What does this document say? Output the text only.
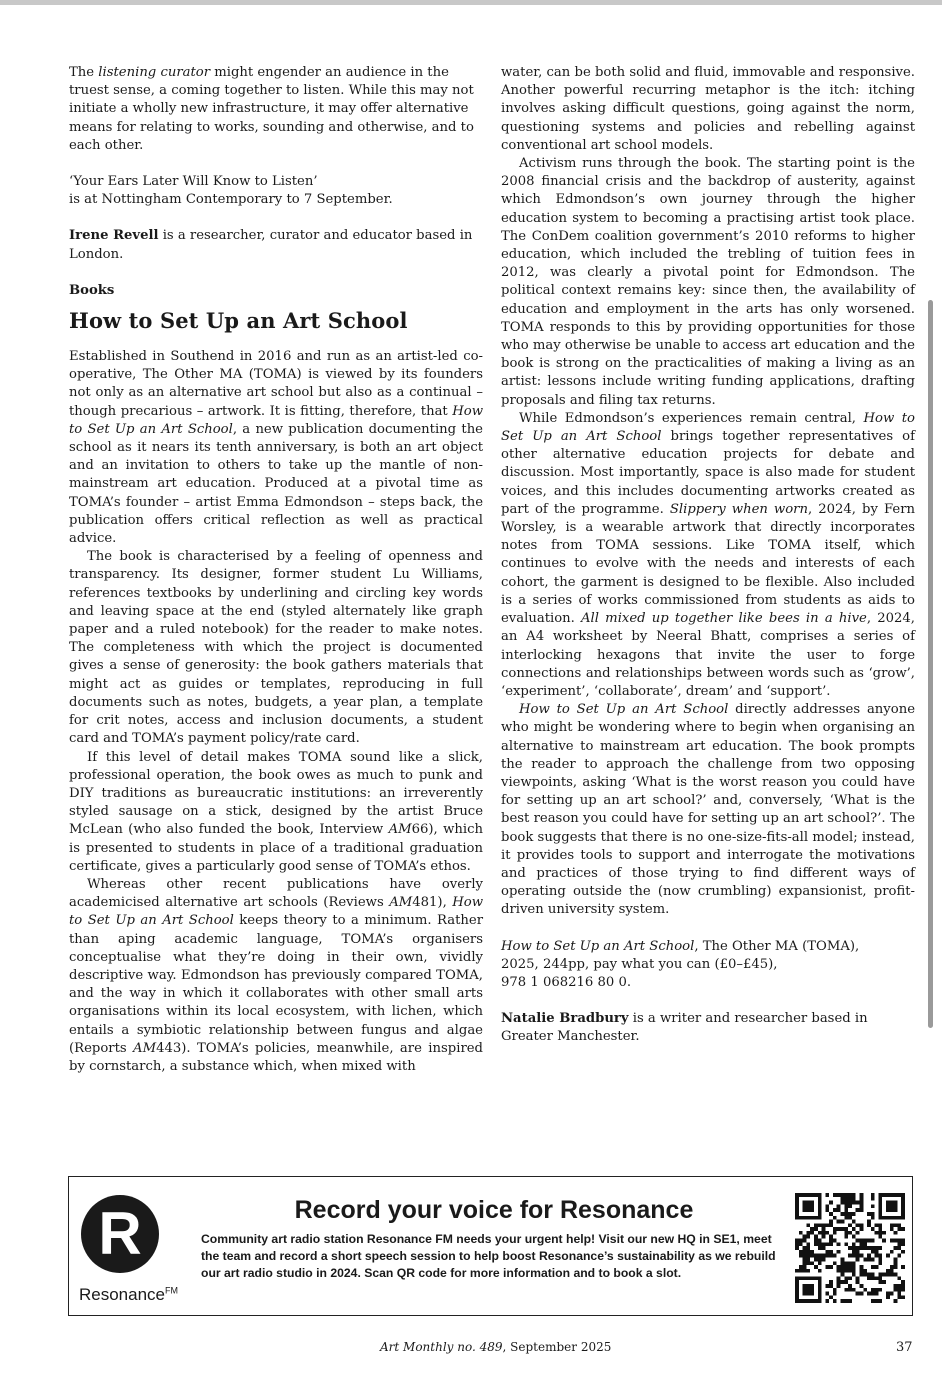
The listening curator might engender an audience in the truest sense, a coming together to listen. While this may not initiate a wholly new infrastructure, it may offer alternative means for relating to works, sounding and otherwise, and to each other.

‘Your Ears Later Will Know to Listen’
is at Nottingham Contemporary to 7 September.

Irene Revell is a researcher, curator and educator based in London.

Books
How to Set Up an Art School

Established in Southend in 2016 and run as an artist-led co-operative, The Other MA (TOMA) is viewed by its founders not only as an alternative art school but also as a continual – though precarious – artwork. It is fitting, therefore, that How to Set Up an Art School, a new publication documenting the school as it nears its tenth anniversary, is both an art object and an invitation to others to take up the mantle of non-mainstream art education. Produced at a pivotal time as TOMA’s founder – artist Emma Edmondson – steps back, the publication offers critical reflection as well as practical advice.

The book is characterised by a feeling of openness and transparency. Its designer, former student Lu Williams, references textbooks by underlining and circling key words and leaving space at the end (styled alternately like graph paper and a ruled notebook) for the reader to make notes. The completeness with which the project is documented gives a sense of generosity: the book gathers materials that might act as guides or templates, reproducing in full documents such as notes, budgets, a year plan, a template for crit notes, access and inclusion documents, a student card and TOMA’s payment policy/rate card.

If this level of detail makes TOMA sound like a slick, professional operation, the book owes as much to punk and DIY traditions as bureaucratic institutions: an irreverently styled sausage on a stick, designed by the artist Bruce McLean (who also funded the book, Interview AM66), which is presented to students in place of a traditional graduation certificate, gives a particularly good sense of TOMA’s ethos.

Whereas other recent publications have overly academicised alternative art schools (Reviews AM481), How to Set Up an Art School keeps theory to a minimum. Rather than aping academic language, TOMA’s organisers conceptualise what they’re doing in their own, vividly descriptive way. Edmondson has previously compared TOMA, and the way in which it collaborates with other small arts organisations within its local ecosystem, with lichen, which entails a symbiotic relationship between fungus and algae (Reports AM443). TOMA’s policies, meanwhile, are inspired by cornstarch, a substance which, when mixed with

water, can be both solid and fluid, immovable and responsive. Another powerful recurring metaphor is the itch: itching involves asking difficult questions, going against the norm, questioning systems and policies and rebelling against conventional art school models.

Activism runs through the book. The starting point is the 2008 financial crisis and the backdrop of austerity, against which Edmondson’s own journey through the higher education system to becoming a practising artist took place. The ConDem coalition government’s 2010 reforms to higher education, which included the trebling of tuition fees in 2012, was clearly a pivotal point for Edmondson. The political context remains key: since then, the availability of education and employment in the arts has only worsened. TOMA responds to this by providing opportunities for those who may otherwise be unable to access art education and the book is strong on the practicalities of making a living as an artist: lessons include writing funding applications, drafting proposals and filing tax returns.

While Edmondson’s experiences remain central, How to Set Up an Art School brings together representatives of other alternative education projects for debate and discussion. Most importantly, space is also made for student voices, and this includes documenting artworks created as part of the programme. Slippery when worn, 2024, by Fern Worsley, is a wearable artwork that directly incorporates notes from TOMA sessions. Like TOMA itself, which continues to evolve with the needs and interests of each cohort, the garment is designed to be flexible. Also included is a series of works commissioned from students as aids to evaluation. All mixed up together like bees in a hive, 2024, an A4 worksheet by Neeral Bhatt, comprises a series of interlocking hexagons that invite the user to forge connections and relationships between words such as ‘grow’, ‘experiment’, ‘collaborate’, dream’ and ‘support’.

How to Set Up an Art School directly addresses anyone who might be wondering where to begin when organising an alternative to mainstream art education. The book prompts the reader to approach the challenge from two opposing viewpoints, asking ‘What is the worst reason you could have for setting up an art school?’ and, conversely, ‘What is the best reason you could have for setting up an art school?’. The book suggests that there is no one-size-fits-all model; instead, it provides tools to support and interrogate the motivations and practices of those trying to find different ways of operating outside the (now crumbling) expansionist, profit-driven university system.

How to Set Up an Art School, The Other MA (TOMA),
2025, 244pp, pay what you can (£0–£45),
978 1 068216 80 0.

Natalie Bradbury is a writer and researcher based in Greater Manchester.

R
Resonance$^{FM}$
Record your voice for Resonance
Community art radio station Resonance FM needs your urgent help! Visit our new HQ in SE1, meet the team and record a short speech session to help boost Resonance’s sustainability as we rebuild our art radio studio in 2024. Scan QR code for more information and to book a slot.
Art Monthly no. 489, September 2025	37
